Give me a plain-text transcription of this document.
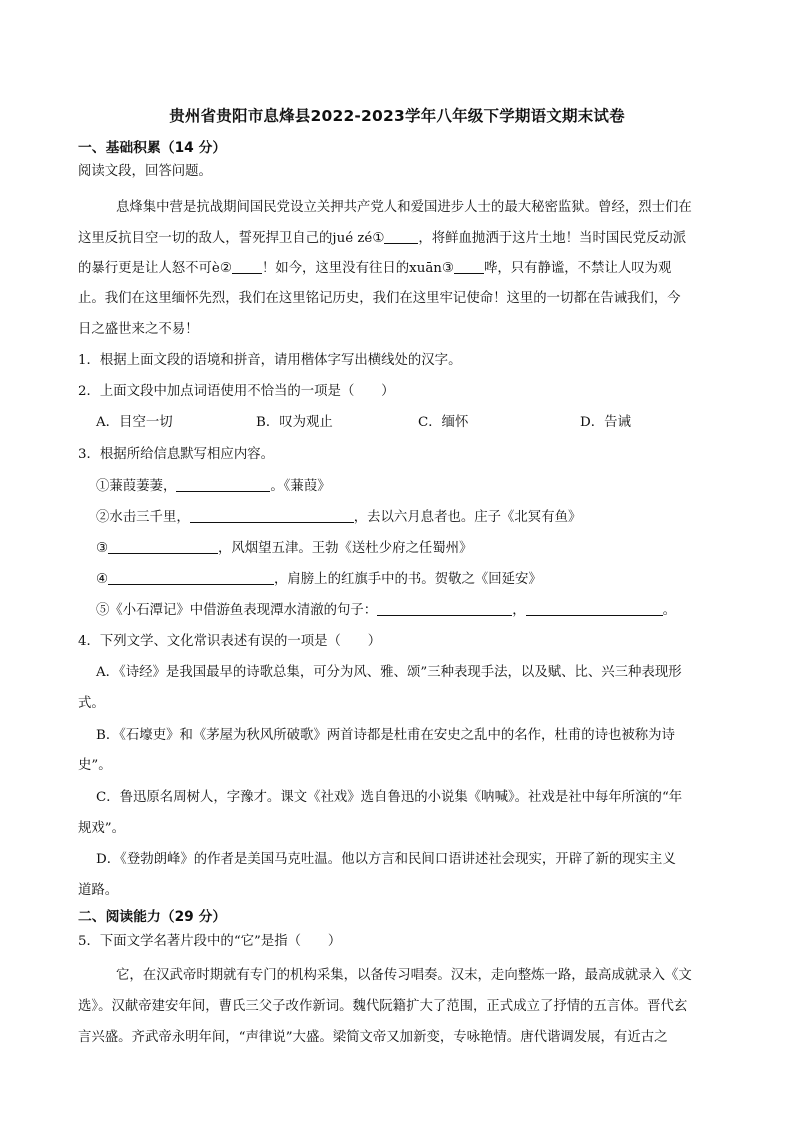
贵州省贵阳市息烽县2022-2023学年八年级下学期语文期末试卷
一、基础积累（14 分）
阅读文段，回答问题。
息烽集中营是抗战期间国民党设立关押共产党人和爱国进步人士的最大秘密监狱。曾经，烈士们在
这里反抗目空一切的敌人，誓死捍卫自己的jué zé①	，将鲜血抛洒于这片土地！当时国民党反动派
的暴行更是让人怒不可è② ！如今，这里没有往日的xuān③ 哗，只有静谧，不禁让人叹为观
止。我们在这里缅怀先烈，我们在这里铭记历史，我们在这里牢记使命！这里的一切都在告诫我们，今
日之盛世来之不易！
1．根据上面文段的语境和拼音，请用楷体字写出横线处的汉字。
2．上面文段中加点词语使用不恰当的一项是（　　）
A．目空一切	B．叹为观止	C．缅怀	D．告诫
3．根据所给信息默写相应内容。
①蒹葭萋萋，	。《蒹葭》
②水击三千里，	，去以六月息者也。庄子《北冥有鱼》
③	，风烟望五津。王勃《送杜少府之任蜀州》
④	，肩膀上的红旗手中的书。贺敬之《回延安》
⑤《小石潭记》中借游鱼表现潭水清澈的句子：	，	。
4．下列文学、文化常识表述有误的一项是（　　）
A．《诗经》是我国最早的诗歌总集，可分为风、雅、颂”三种表现手法，以及赋、比、兴三种表现形
式。
B．《石壕吏》和《茅屋为秋风所破歌》两首诗都是杜甫在安史之乱中的名作，杜甫的诗也被称为诗
史”。
C．鲁迅原名周树人，字豫才。课文《社戏》选自鲁迅的小说集《呐喊》。社戏是社中每年所演的“年
规戏”。
D．《登勃朗峰》的作者是美国马克吐温。他以方言和民间口语讲述社会现实，开辟了新的现实主义
道路。
二、阅读能力（29 分）
5．下面文学名著片段中的“它”是指（　　）
它，在汉武帝时期就有专门的机构采集，以备传习唱奏。汉末，走向整炼一路，最高成就录入《文
选》。汉献帝建安年间，曹氏三父子改作新词。魏代阮籍扩大了范围，正式成立了抒情的五言体。晋代玄
言兴盛。齐武帝永明年间，“声律说”大盛。梁简文帝又加新变，专咏艳情。唐代谐调发展，有近古之
